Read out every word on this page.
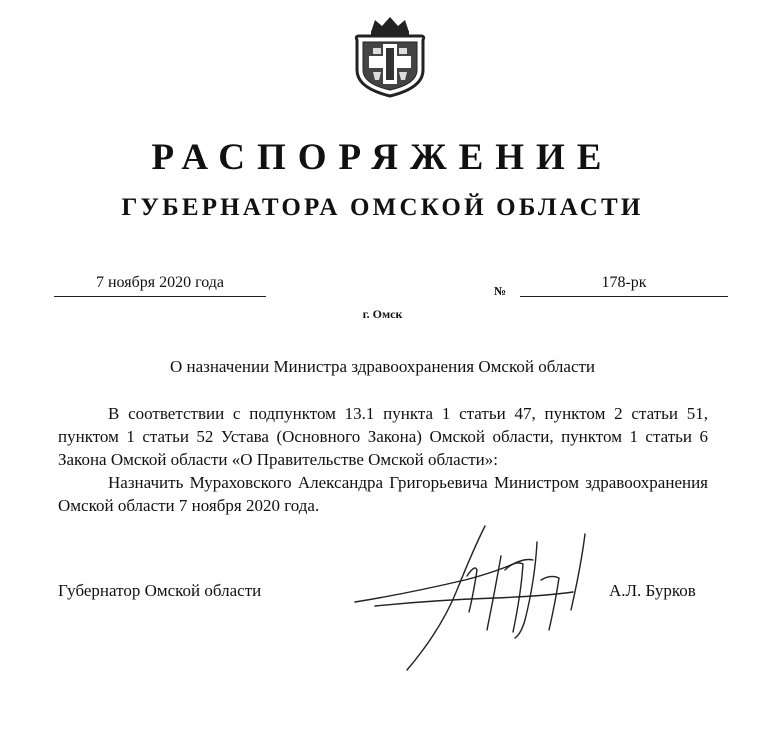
РАСПОРЯЖЕНИЕ
ГУБЕРНАТОРА ОМСКОЙ ОБЛАСТИ
7 ноября 2020 года	№	178-рк
г. Омск
О назначении Министра здравоохранения Омской области

В соответствии с подпунктом 13.1 пункта 1 статьи 47, пунктом 2 статьи 51, пунктом 1 статьи 52 Устава (Основного Закона) Омской области, пунктом 1 статьи 6 Закона Омской области «О Правительстве Омской области»:

Назначить Мураховского Александра Григорьевича Министром здравоохранения Омской области 7 ноября 2020 года.

Губернатор Омской области	А.Л. Бурков
